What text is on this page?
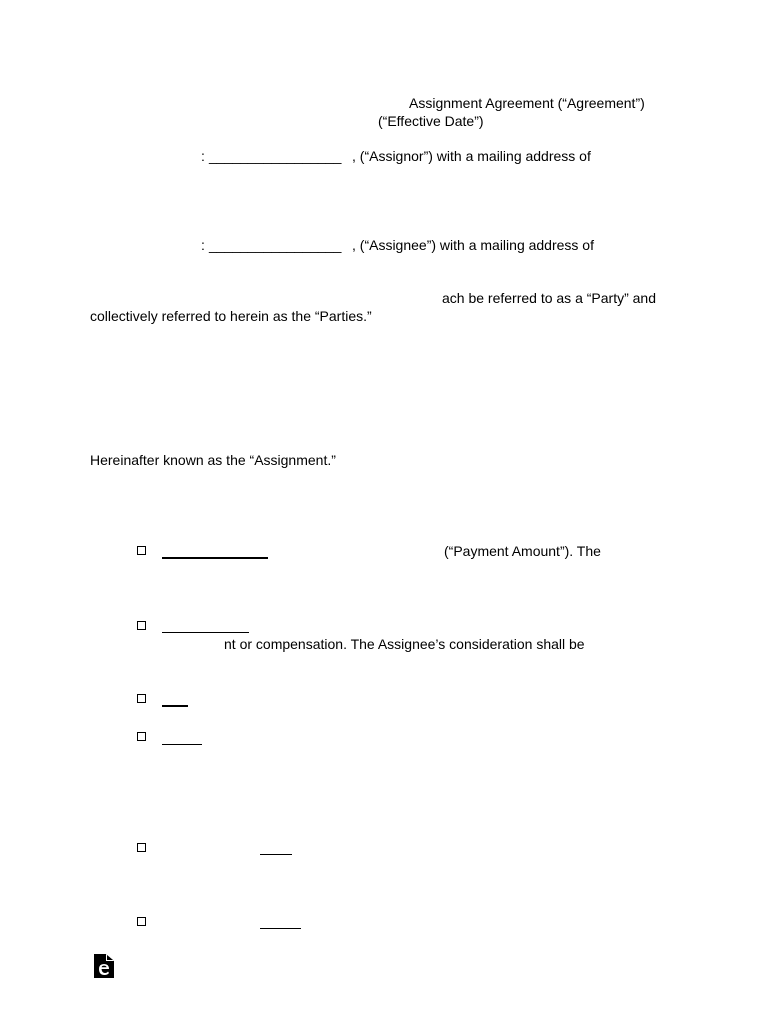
Assignment Agreement (“Agreement”)
(“Effective Date”)
: _________________ , (“Assignor”) with a mailing address of
: _________________ , (“Assignee”) with a mailing address of
ach be referred to as a “Party” and
collectively referred to herein as the “Parties.”
Hereinafter known as the “Assignment.”
(“Payment Amount”). The
nt or compensation. The Assignee’s consideration shall be
